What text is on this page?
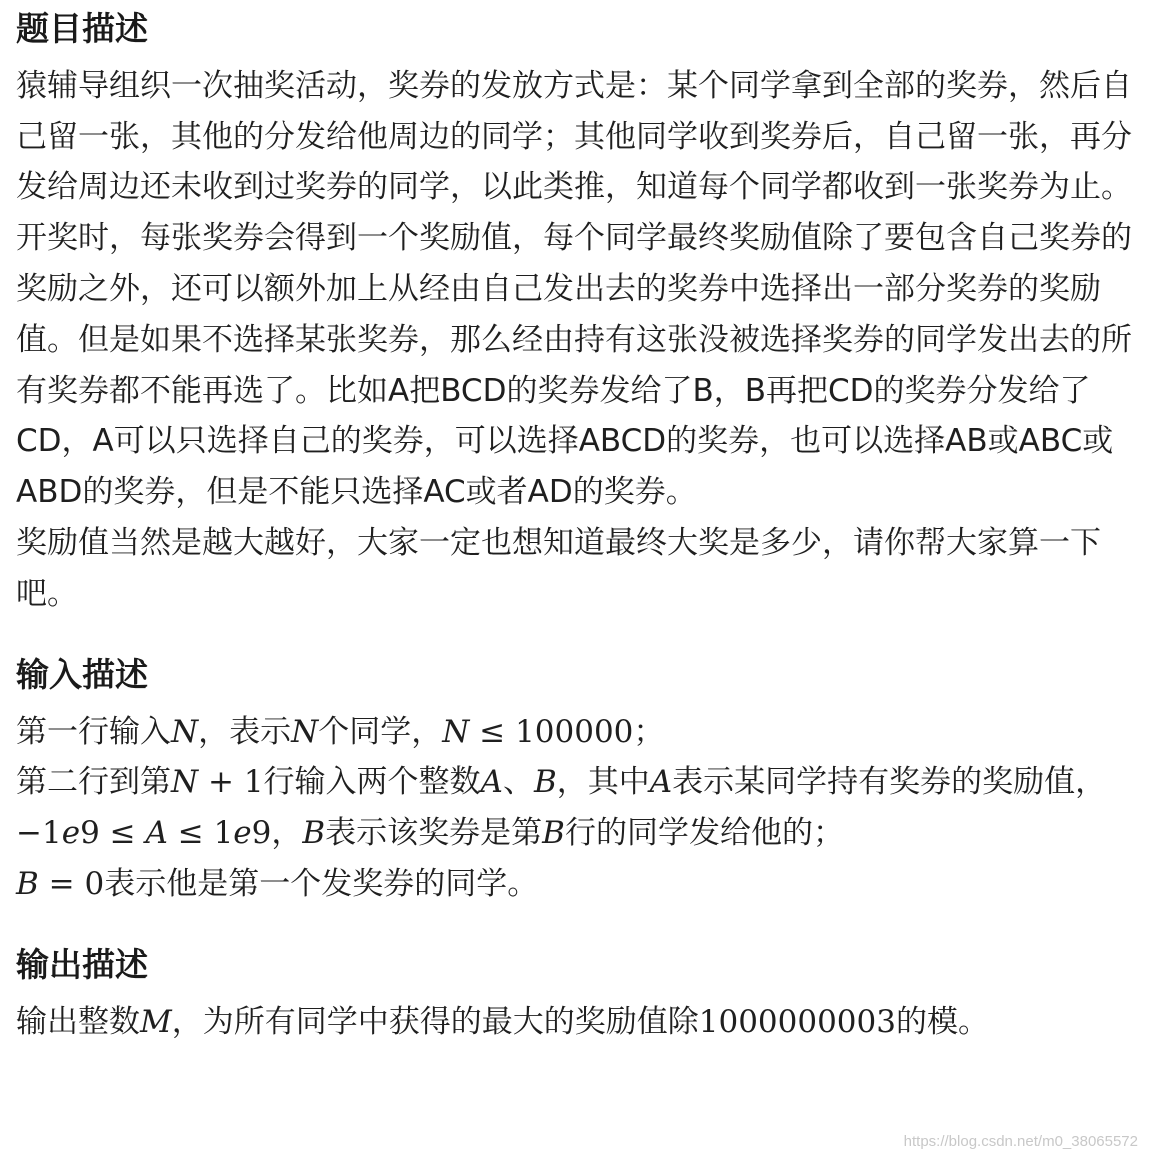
题目描述

猿辅导组织一次抽奖活动，奖券的发放方式是：某个同学拿到全部的奖券，然后自己留一张，其他的分发给他周边的同学；其他同学收到奖券后，自己留一张，再分发给周边还未收到过奖券的同学，以此类推，知道每个同学都收到一张奖券为止。

开奖时，每张奖券会得到一个奖励值，每个同学最终奖励值除了要包含自己奖券的奖励之外，还可以额外加上从经由自己发出去的奖券中选择出一部分奖券的奖励值。但是如果不选择某张奖券，那么经由持有这张没被选择奖券的同学发出去的所有奖券都不能再选了。比如A把BCD的奖券发给了B，B再把CD的奖券分发给了CD，A可以只选择自己的奖券，可以选择ABCD的奖券，也可以选择AB或ABC或ABD的奖券，但是不能只选择AC或者AD的奖券。

奖励值当然是越大越好，大家一定也想知道最终大奖是多少，请你帮大家算一下吧。

输入描述

第一行输入N，表示N个同学，N ≤ 100000；

第二行到第N + 1行输入两个整数A、B，其中A表示某同学持有奖券的奖励值，−1e9 ≤ A ≤ 1e9，B表示该奖券是第B行的同学发给他的；

B = 0表示他是第一个发奖券的同学。

输出描述

输出整数M，为所有同学中获得的最大的奖励值除1000000003的模。

https://blog.csdn.net/m0_38065572
